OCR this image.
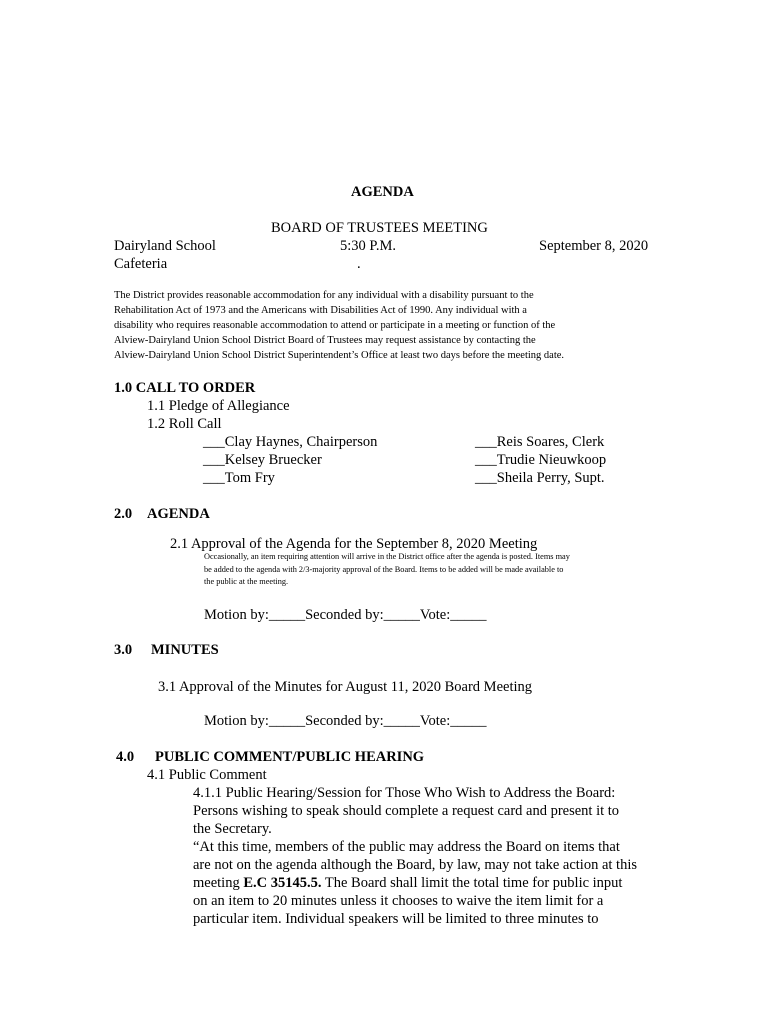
AGENDA
BOARD OF TRUSTEES MEETING
Dairyland School
Cafeteria
5:30 P.M.
.
September 8, 2020
The District provides reasonable accommodation for any individual with a disability pursuant to the
Rehabilitation Act of 1973 and the Americans with Disabilities Act of 1990. Any individual with a
disability who requires reasonable accommodation to attend or participate in a meeting or function of the
Alview-Dairyland Union School District Board of Trustees may request assistance by contacting the
Alview-Dairyland Union School District Superintendent’s Office at least two days before the meeting date.
1.0 CALL TO ORDER
1.1 Pledge of Allegiance
1.2 Roll Call
___Clay Haynes, Chairperson
___Kelsey Bruecker
___Tom Fry
___Reis Soares, Clerk
___Trudie Nieuwkoop
___Sheila Perry, Supt.
2.0 AGENDA
2.1 Approval of the Agenda for the September 8, 2020 Meeting
Occasionally, an item requiring attention will arrive in the District office after the agenda is posted. Items may
be added to the agenda with 2/3-majority approval of the Board. Items to be added will be made available to
the public at the meeting.
Motion by:_____Seconded by:_____Vote:_____
3.0 MINUTES
3.1 Approval of the Minutes for August 11, 2020 Board Meeting
Motion by:_____Seconded by:_____Vote:_____
4.0 PUBLIC COMMENT/PUBLIC HEARING
4.1 Public Comment
4.1.1 Public Hearing/Session for Those Who Wish to Address the Board:
Persons wishing to speak should complete a request card and present it to
the Secretary.
“At this time, members of the public may address the Board on items that
are not on the agenda although the Board, by law, may not take action at this
meeting E.C 35145.5. The Board shall limit the total time for public input
on an item to 20 minutes unless it chooses to waive the item limit for a
particular item. Individual speakers will be limited to three minutes to
